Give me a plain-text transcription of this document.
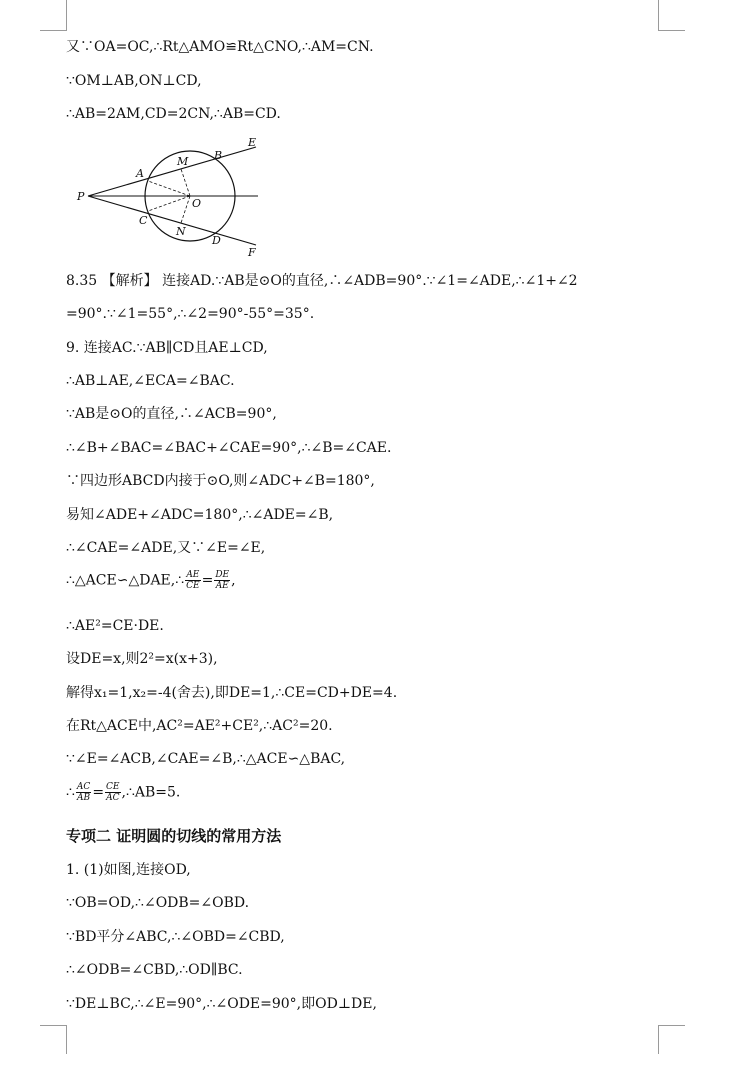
又∵OA=OC,∴Rt△AMO≌Rt△CNO,∴AM=CN.
∵OM⊥AB,ON⊥CD,
∴AB=2AM,CD=2CN,∴AB=CD.
P
A
M B
E
O
C
N
D
F
8.35 【解析】 连接AD.∵AB是⊙O的直径,∴∠ADB=90°.∵∠1=∠ADE,∴∠1+∠2
=90°.∵∠1=55°,∴∠2=90°-55°=35°.
9. 连接AC.∵AB∥CD且AE⊥CD,
∴AB⊥AE,∠ECA=∠BAC.
∵AB是⊙O的直径,∴∠ACB=90°,
∴∠B+∠BAC=∠BAC+∠CAE=90°,∴∠B=∠CAE.
∵四边形ABCD内接于⊙O,则∠ADC+∠B=180°,
易知∠ADE+∠ADC=180°,∴∠ADE=∠B,
∴∠CAE=∠ADE,又∵∠E=∠E,
∴△ACE∽△DAE,∴ $\frac{AE}{CE} = \frac{DE}{AE}$ ,
∴AE²=CE·DE.
设DE=x,则2²=x(x+3),
解得x₁=1,x₂=-4(舍去),即DE=1,∴CE=CD+DE=4.
在Rt△ACE中,AC²=AE²+CE²,∴AC²=20.
∵∠E=∠ACB,∠CAE=∠B,∴△ACE∽△BAC,
∴ $\frac{AC}{AB} = \frac{CE}{AC}$ ,∴AB=5.
专项二 证明圆的切线的常用方法
1. (1)如图,连接OD,
∵OB=OD,∴∠ODB=∠OBD.
∵BD平分∠ABC,∴∠OBD=∠CBD,
∴∠ODB=∠CBD,∴OD∥BC.
∵DE⊥BC,∴∠E=90°,∴∠ODE=90°,即OD⊥DE,
